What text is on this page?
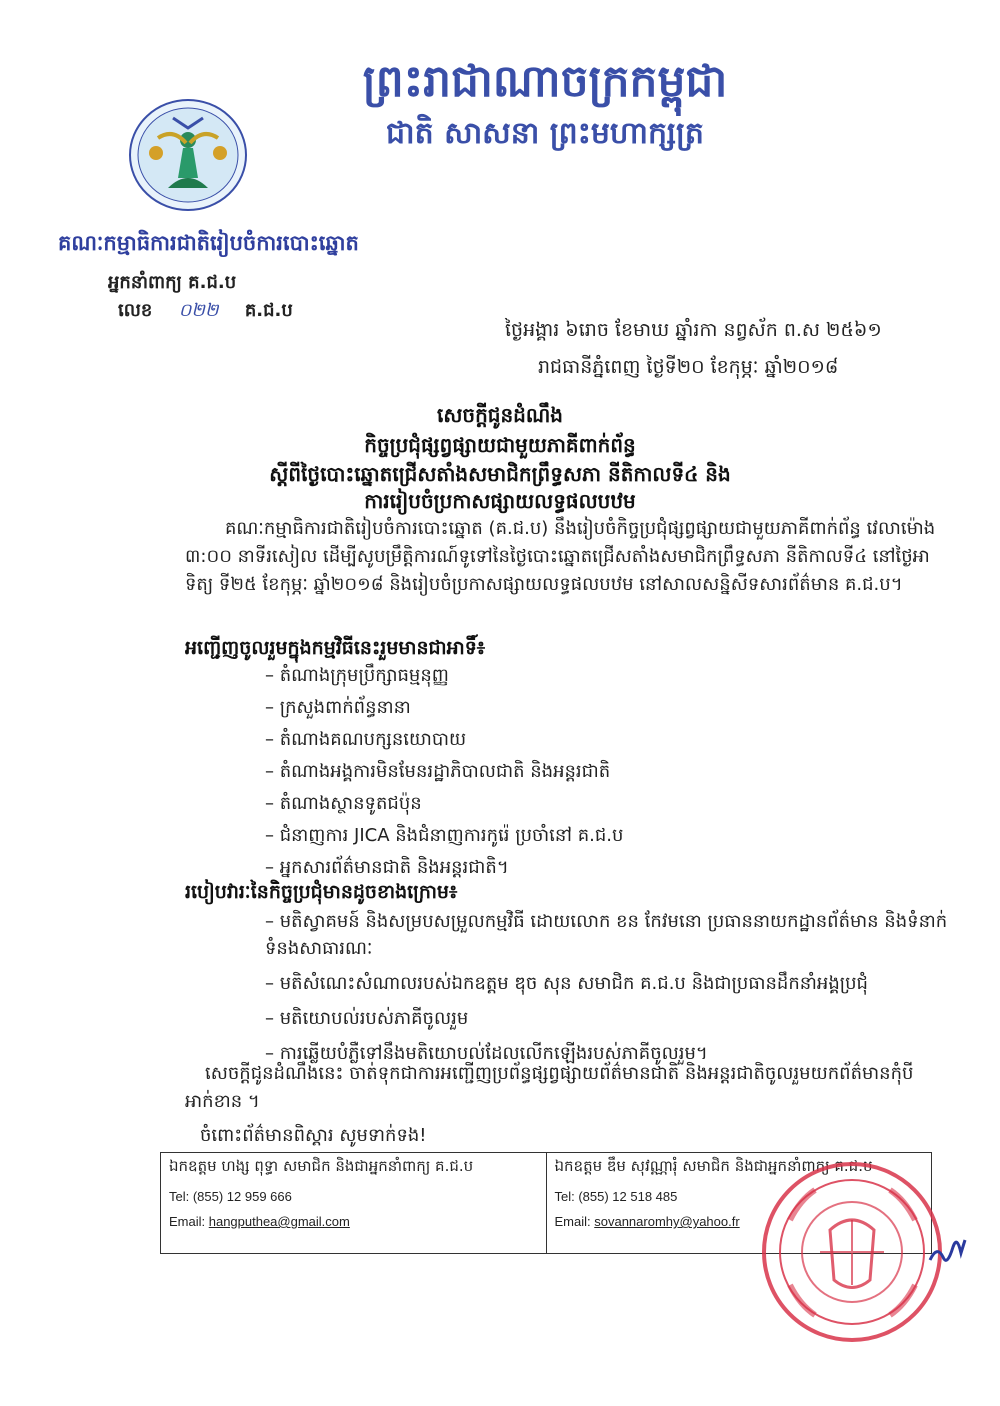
ព្រះរាជាណាចក្រកម្ពុជា
ជាតិ សាសនា ព្រះមហាក្សត្រ
គណៈកម្មាធិការជាតិរៀបចំការបោះឆ្នោត
អ្នកនាំពាក្យ គ.ជ.ប
លេខ ០២២ គ.ជ.ប
ថ្ងៃអង្គារ ៦រោច ខែមាឃ ឆ្នាំរកា នព្វស័ក ព.ស ២៥៦១
រាជធានីភ្នំពេញ ថ្ងៃទី២០ ខែកុម្ភៈ ឆ្នាំ២០១៨
សេចក្តីជូនដំណឹង
កិច្ចប្រជុំផ្សព្វផ្សាយជាមួយភាគីពាក់ព័ន្ធ
ស្តីពីថ្ងៃបោះឆ្នោតជ្រើសតាំងសមាជិកព្រឹទ្ធសភា នីតិកាលទី៤ និង
ការរៀបចំប្រកាសផ្សាយលទ្ធផលបឋម
គណៈកម្មាធិការជាតិរៀបចំការបោះឆ្នោត (គ.ជ.ប) នឹងរៀបចំកិច្ចប្រជុំផ្សព្វផ្សាយជាមួយភាគីពាក់ព័ន្ធ វេលាម៉ោង ៣:០០ នាទីរសៀល ដើម្បីសូបម្រឹត្តិការណ៍ទូទៅនៃថ្ងៃបោះឆ្នោតជ្រើសតាំងសមាជិកព្រឹទ្ធសភា នីតិកាលទី៤ នៅថ្ងៃអាទិត្យ ទី២៥ ខែកុម្ភៈ ឆ្នាំ២០១៨ និងរៀបចំប្រកាសផ្សាយលទ្ធផលបឋម នៅសាលសន្និសីទសារព័ត៌មាន គ.ជ.ប។
អញ្ជើញចូលរួមក្នុងកម្មវិធីនេះរួមមានជាអាទិ៍៖
– តំណាងក្រុមប្រឹក្សាធម្មនុញ្ញ
– ក្រសួងពាក់ព័ន្ធនានា
– តំណាងគណបក្សនយោបាយ
– តំណាងអង្គការមិនមែនរដ្ឋាភិបាលជាតិ និងអន្តរជាតិ
– តំណាងស្ថានទូតជប៉ុន
– ជំនាញការ JICA និងជំនាញការកូរ៉េ ប្រចាំនៅ គ.ជ.ប
– អ្នកសារព័ត៌មានជាតិ និងអន្តរជាតិ។
របៀបវារៈនៃកិច្ចប្រជុំមានដូចខាងក្រោម៖
– មតិស្វាគមន៍ និងសម្របសម្រួលកម្មវិធី ដោយលោក ខន កែវមនោ ប្រធាននាយកដ្ឋានព័ត៌មាន និងទំនាក់ទំនងសាធារណៈ
– មតិសំណេះសំណាលរបស់ឯកឧត្តម ឌុច សុន សមាជិក គ.ជ.ប និងជាប្រធានដឹកនាំអង្គប្រជុំ
– មតិយោបល់របស់ភាគីចូលរួម
– ការឆ្លើយបំភ្លឺទៅនឹងមតិយោបល់ដែលលើកឡើងរបស់ភាគីចូលរួម។
សេចក្តីជូនដំណឹងនេះ ចាត់ទុកជាការអញ្ជើញប្រព័ន្ធផ្សព្វផ្សាយព័ត៌មានជាតិ និងអន្តរជាតិចូលរួមយកព័ត៌មានកុំបីអាក់ខាន ។
ចំពោះព័ត៌មានពិស្តារ សូមទាក់ទង!
ឯកឧត្តម ហង្ស ពុទ្ធា សមាជិក និងជាអ្នកនាំពាក្យ គ.ជ.ប
Tel: (855) 12 959 666
Email: hangputhea@gmail.com
ឯកឧត្តម ឌឹម សុវណ្ណារុំ សមាជិក និងជាអ្នកនាំពាក្យ គ.ជ.ប
Tel: (855) 12 518 485
Email: sovannaromhy@yahoo.fr
